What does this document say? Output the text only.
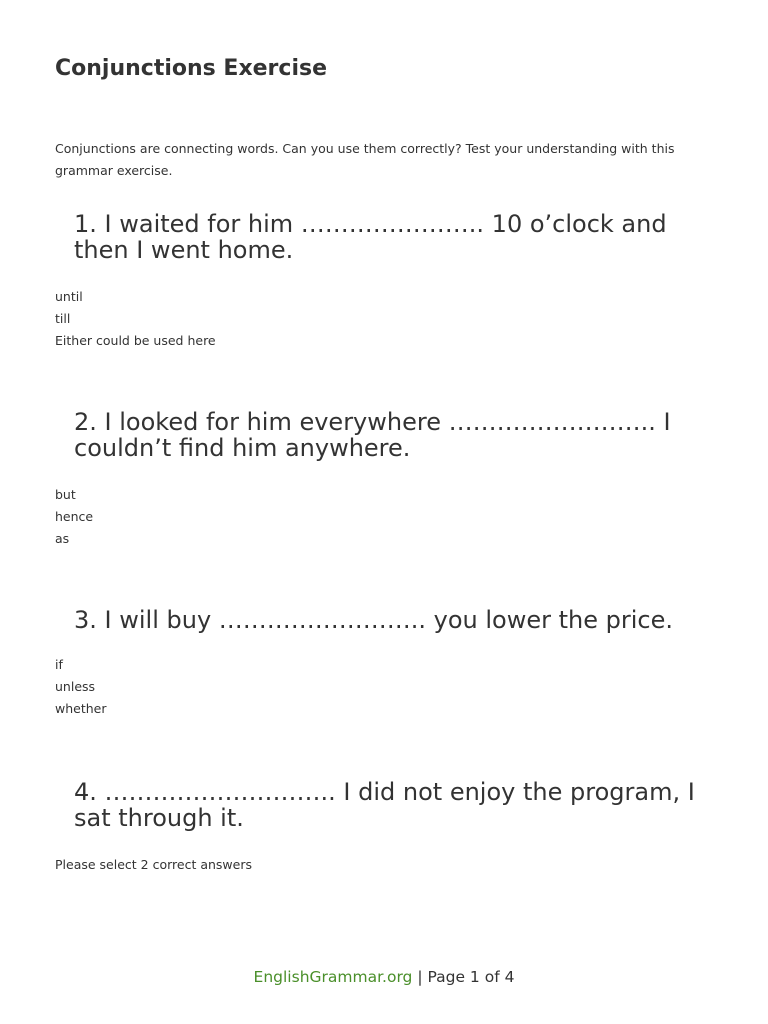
Conjunctions Exercise

Conjunctions are connecting words. Can you use them correctly? Test your understanding with this grammar exercise.

1. I waited for him ………………….. 10 o’clock and then I went home.
until
till
Either could be used here
2. I looked for him everywhere …………………….. I couldn’t find him anywhere.
but
hence
as
3. I will buy …………………….. you lower the price.
if
unless
whether
4. ……………………….. I did not enjoy the program, I sat through it.

Please select 2 correct answers

EnglishGrammar.org | Page 1 of 4
